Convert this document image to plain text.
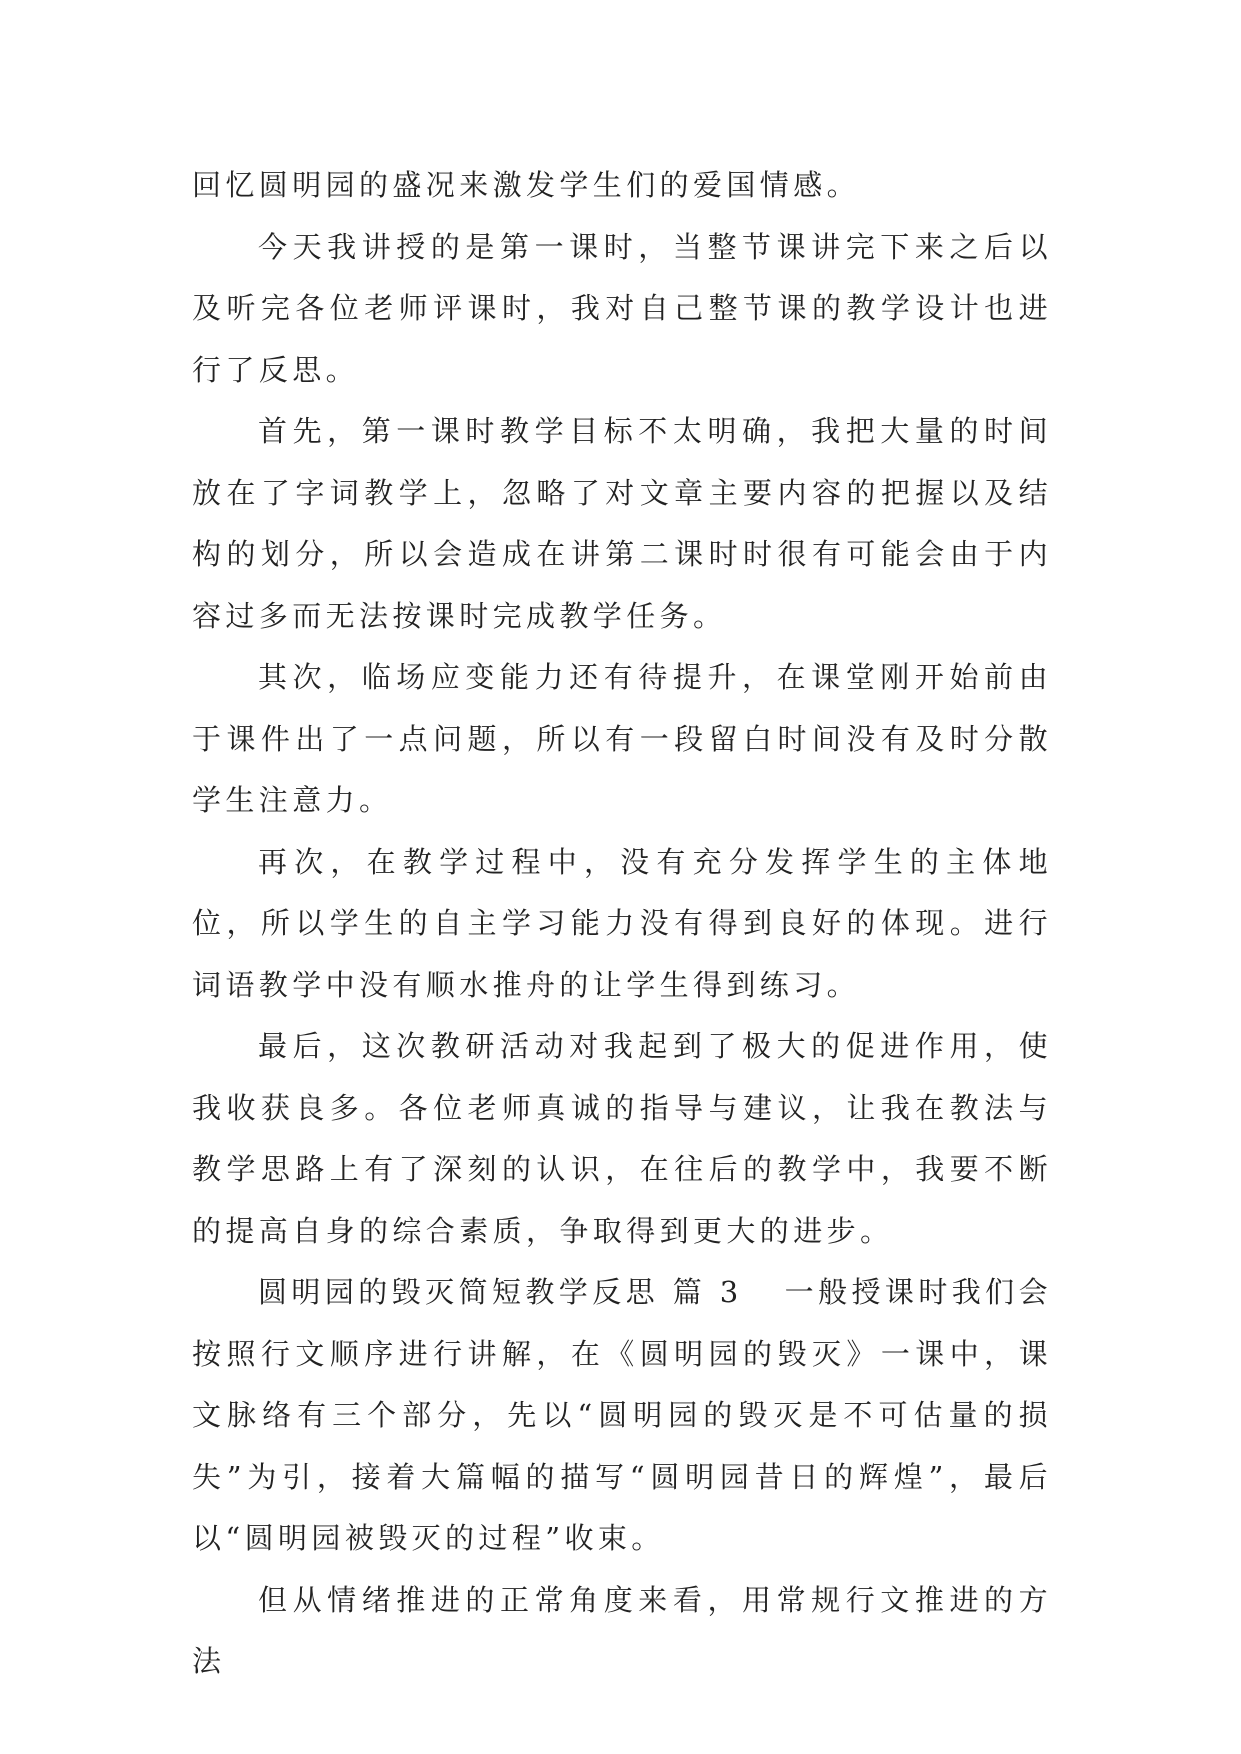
回忆圆明园的盛况来激发学生们的爱国情感。

今天我讲授的是第一课时，当整节课讲完下来之后以及听完各位老师评课时，我对自己整节课的教学设计也进行了反思。

首先，第一课时教学目标不太明确，我把大量的时间放在了字词教学上，忽略了对文章主要内容的把握以及结构的划分，所以会造成在讲第二课时时很有可能会由于内容过多而无法按课时完成教学任务。

其次，临场应变能力还有待提升，在课堂刚开始前由于课件出了一点问题，所以有一段留白时间没有及时分散学生注意力。

再次，在教学过程中，没有充分发挥学生的主体地位，所以学生的自主学习能力没有得到良好的体现。进行词语教学中没有顺水推舟的让学生得到练习。

最后，这次教研活动对我起到了极大的促进作用，使我收获良多。各位老师真诚的指导与建议，让我在教法与教学思路上有了深刻的认识，在往后的教学中，我要不断的提高自身的综合素质，争取得到更大的进步。

圆明园的毁灭简短教学反思 篇 3 一般授课时我们会按照行文顺序进行讲解，在《圆明园的毁灭》一课中，课文脉络有三个部分，先以“圆明园的毁灭是不可估量的损失”为引，接着大篇幅的描写“圆明园昔日的辉煌”，最后以“圆明园被毁灭的过程”收束。

但从情绪推进的正常角度来看，用常规行文推进的方法
